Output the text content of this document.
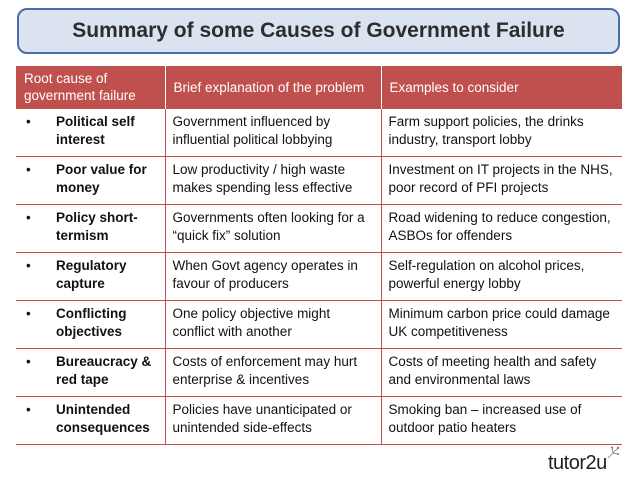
Summary of some Causes of Government Failure
Root cause of government failure	Brief explanation of the problem	Examples to consider

• Political self interest	Government influenced by influential political lobbying	Farm support policies, the drinks industry, transport lobby

• Poor value for money	Low productivity / high waste makes spending less effective	Investment on IT projects in the NHS, poor record of PFI projects

• Policy short-termism	Governments often looking for a “quick fix” solution	Road widening to reduce congestion, ASBOs for offenders

• Regulatory capture	When Govt agency operates in favour of producers	Self-regulation on alcohol prices, powerful energy lobby

• Conflicting objectives	One policy objective might conflict with another	Minimum carbon price could damage UK competitiveness

• Bureaucracy & red tape	Costs of enforcement may hurt enterprise & incentives	Costs of meeting health and safety and environmental laws

• Unintended consequences	Policies have unanticipated or unintended side-effects	Smoking ban – increased use of outdoor patio heaters
tutor2u
